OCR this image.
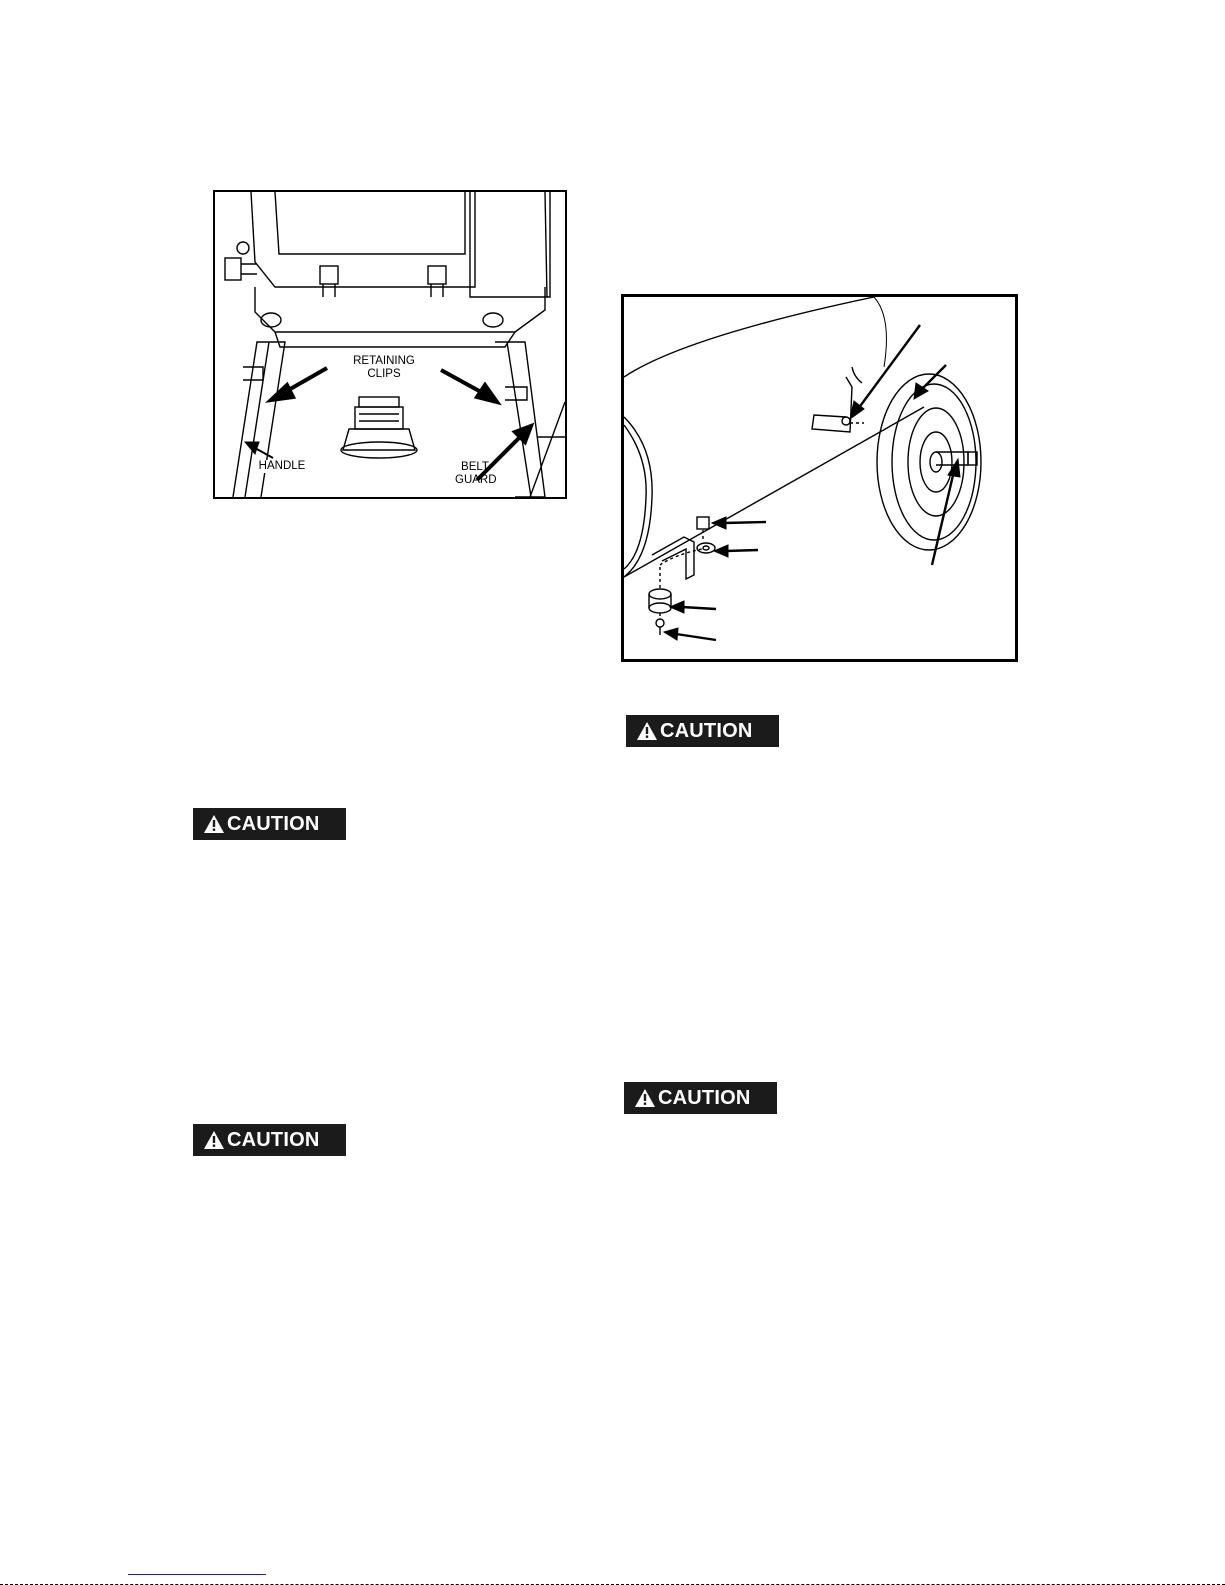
RETAINING
CLIPS
HANDLE	BELT
GUARD
CAUTION
CAUTION
CAUTION
CAUTION
